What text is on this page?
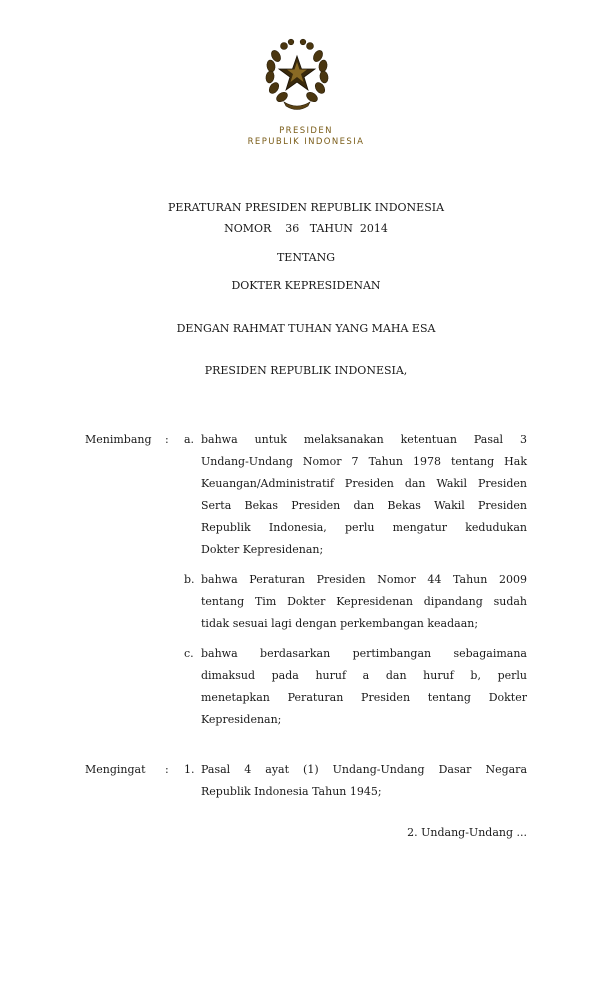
PRESIDEN
REPUBLIK INDONESIA
PERATURAN PRESIDEN REPUBLIK INDONESIA
NOMOR    36   TAHUN  2014
TENTANG
DOKTER KEPRESIDENAN
DENGAN RAHMAT TUHAN YANG MAHA ESA
PRESIDEN REPUBLIK INDONESIA,
Menimbang : a. bahwa untuk melaksanakan ketentuan Pasal 3
Undang-Undang Nomor 7 Tahun 1978 tentang Hak
Keuangan/Administratif Presiden dan Wakil Presiden
Serta Bekas Presiden dan Bekas Wakil Presiden
Republik Indonesia, perlu mengatur kedudukan
Dokter Kepresidenan;
b. bahwa Peraturan Presiden Nomor 44 Tahun 2009
tentang Tim Dokter Kepresidenan dipandang sudah
tidak sesuai lagi dengan perkembangan keadaan;
c. bahwa berdasarkan pertimbangan sebagaimana
dimaksud pada huruf a dan huruf b, perlu
menetapkan Peraturan Presiden tentang Dokter
Kepresidenan;
Mengingat : 1. Pasal 4 ayat (1) Undang-Undang Dasar Negara
Republik Indonesia Tahun 1945;
2. Undang-Undang ...
